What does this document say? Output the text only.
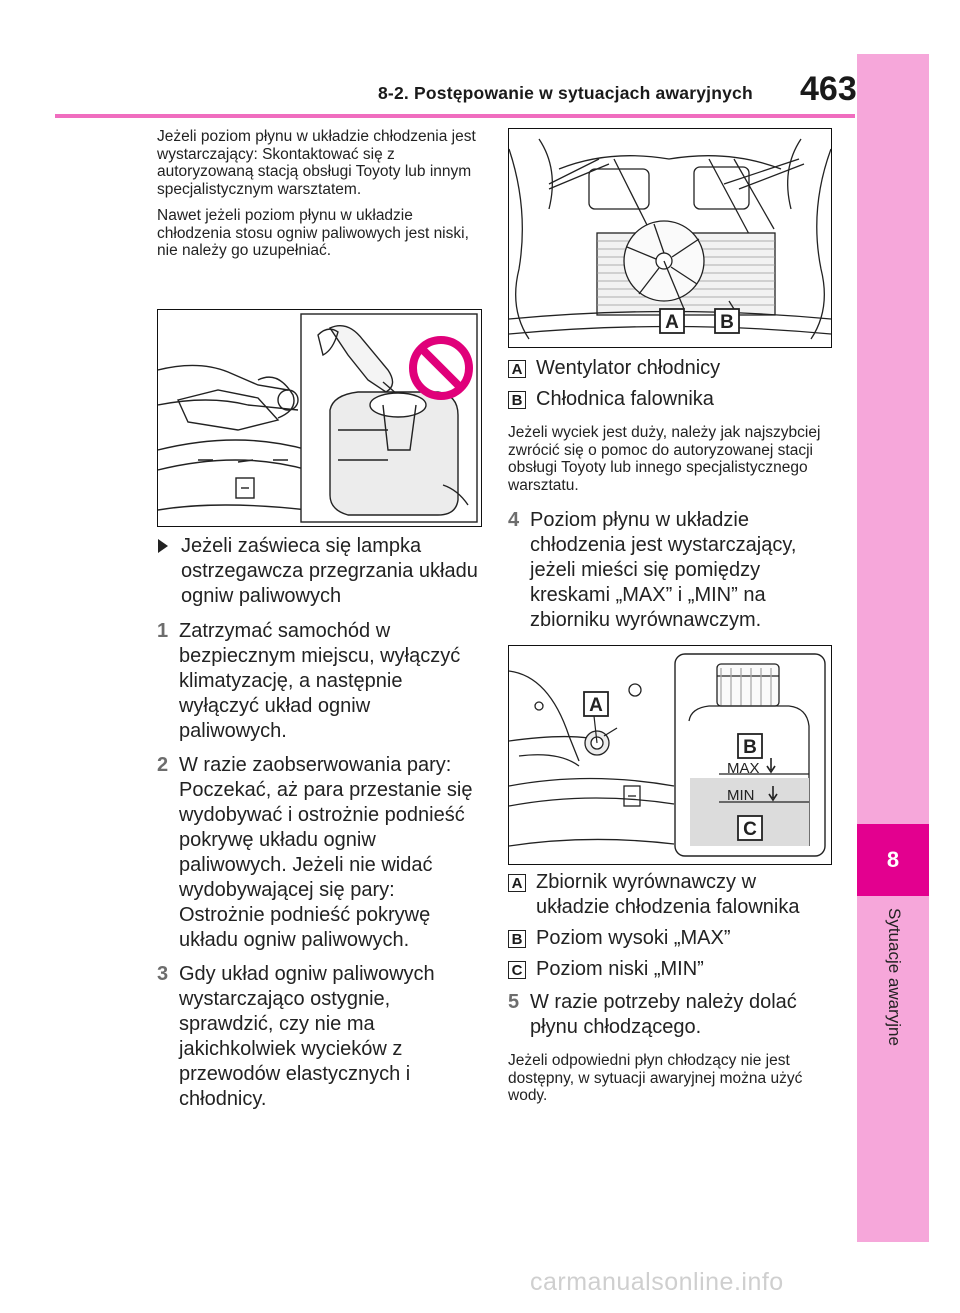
8-2. Postępowanie w sytuacjach awaryjnych 463
8
Sytuacje awaryjne

Jeżeli poziom płynu w układzie chłodzenia jest wystarczający: Skontaktować się z autoryzowaną stacją obsługi Toyoty lub innym specjalistycznym warsztatem.

Nawet jeżeli poziom płynu w układzie chłodzenia stosu ogniw paliwowych jest niski, nie należy go uzupełniać.

Jeżeli zaświeca się lampka ostrzegawcza przegrzania układu ogniw paliwowych

1 Zatrzymać samochód w bezpiecznym miejscu, wyłączyć klimatyzację, a następnie wyłączyć układ ogniw paliwowych.

2 W razie zaobserwowania pary: Poczekać, aż para przestanie się wydobywać i ostrożnie podnieść pokrywę układu ogniw paliwowych. Jeżeli nie widać wydobywającej się pary: Ostrożnie podnieść pokrywę układu ogniw paliwowych.

3 Gdy układ ogniw paliwowych wystarczająco ostygnie, sprawdzić, czy nie ma jakichkolwiek wycieków z przewodów elastycznych i chłodnicy.

A B
A Wentylator chłodnicy

B Chłodnica falownika

Jeżeli wyciek jest duży, należy jak najszybciej zwrócić się o pomoc do autoryzowanej stacji obsługi Toyoty lub innego specjalistycznego warsztatu.

4 Poziom płynu w układzie chłodzenia jest wystarczający, jeżeli mieści się pomiędzy kreskami „MAX” i „MIN” na zbiorniku wyrównawczym.

MAX
MIN
A
B
C
A Zbiornik wyrównawczy w układzie chłodzenia falownika

B Poziom wysoki „MAX”

C Poziom niski „MIN”

5 W razie potrzeby należy dolać płynu chłodzącego.

Jeżeli odpowiedni płyn chłodzący nie jest dostępny, w sytuacji awaryjnej można użyć wody.

carmanualsonline.info
